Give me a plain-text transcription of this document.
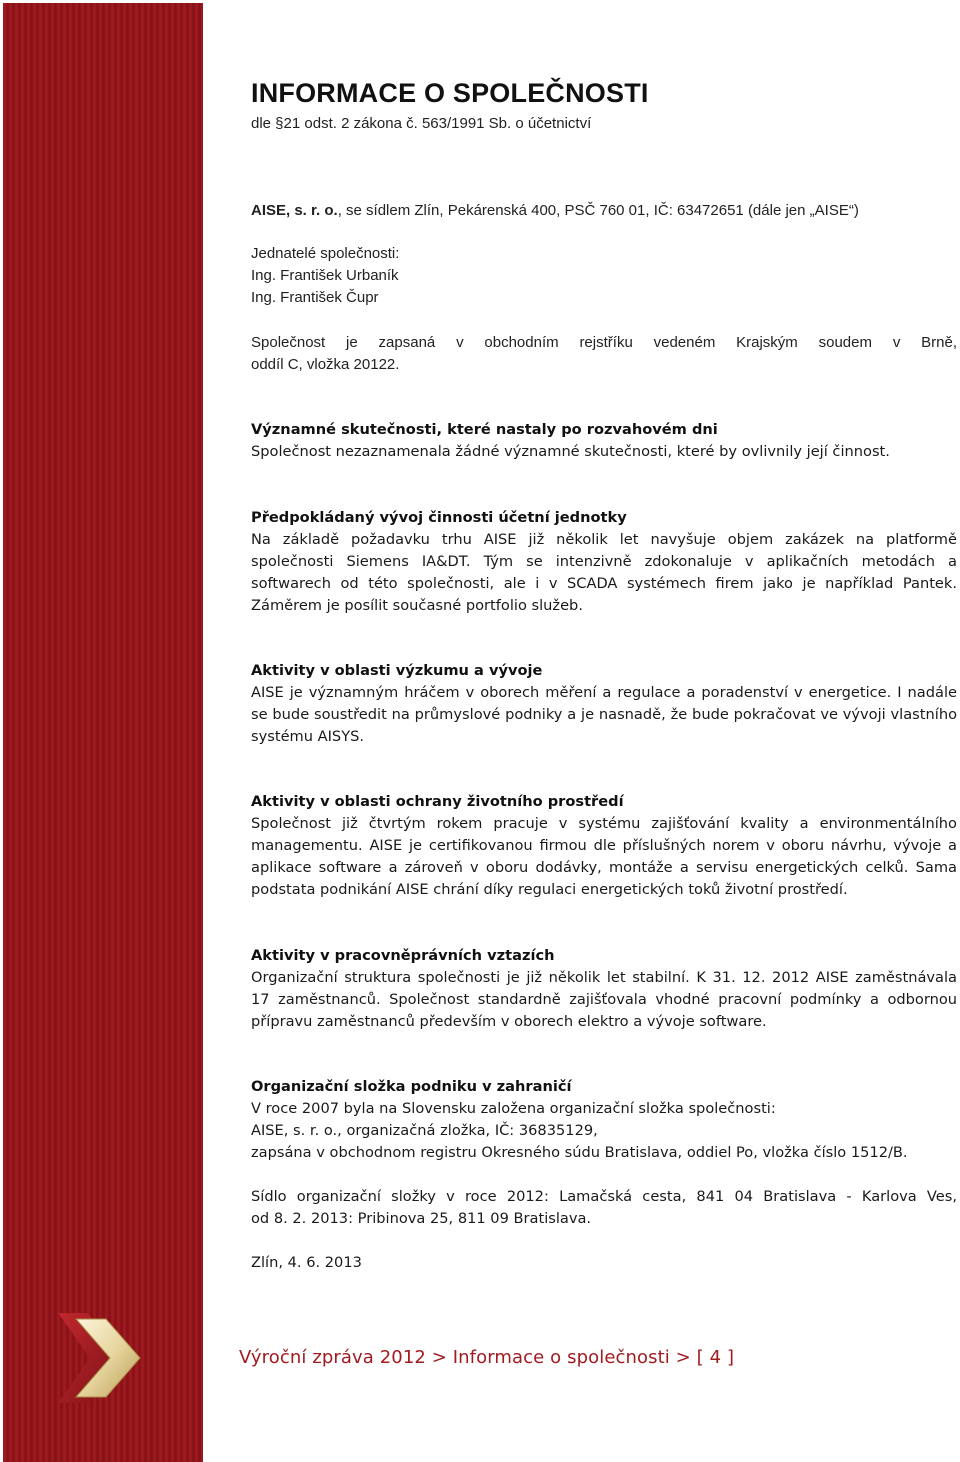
INFORMACE O SPOLEČNOSTI
dle §21 odst. 2 zákona č. 563/1991 Sb. o účetnictví
AISE, s. r. o., se sídlem Zlín, Pekárenská 400, PSČ 760 01, IČ: 63472651 (dále jen „AISE“)
Jednatelé společnosti:
Ing. František Urbaník
Ing. František Čupr
Společnost je zapsaná v obchodním rejstříku vedeném Krajským soudem v Brně,
oddíl C, vložka 20122.
Významné skutečnosti, které nastaly po rozvahovém dni
Společnost nezaznamenala žádné významné skutečnosti, které by ovlivnily její činnost.
Předpokládaný vývoj činnosti účetní jednotky
Na základě požadavku trhu AISE již několik let navyšuje objem zakázek na platformě
společnosti Siemens IA&DT. Tým se intenzivně zdokonaluje v aplikačních metodách a
softwarech od této společnosti, ale i v SCADA systémech firem jako je například Pantek.
Záměrem je posílit současné portfolio služeb.
Aktivity v oblasti výzkumu a vývoje
AISE je významným hráčem v oborech měření a regulace a poradenství v energetice. I nadále
se bude soustředit na průmyslové podniky a je nasnadě, že bude pokračovat ve vývoji vlastního
systému AISYS.
Aktivity v oblasti ochrany životního prostředí
Společnost již čtvrtým rokem pracuje v systému zajišťování kvality a environmentálního
managementu. AISE je certifikovanou firmou dle příslušných norem v oboru návrhu, vývoje a
aplikace software a zároveň v oboru dodávky, montáže a servisu energetických celků. Sama
podstata podnikání AISE chrání díky regulaci energetických toků životní prostředí.
Aktivity v pracovněprávních vztazích
Organizační struktura společnosti je již několik let stabilní. K 31. 12. 2012 AISE zaměstnávala
17 zaměstnanců. Společnost standardně zajišťovala vhodné pracovní podmínky a odbornou
přípravu zaměstnanců především v oborech elektro a vývoje software.
Organizační složka podniku v zahraničí
V roce 2007 byla na Slovensku založena organizační složka společnosti:
AISE, s. r. o., organizačná zložka, IČ: 36835129,
zapsána v obchodnom registru Okresného súdu Bratislava, oddiel Po, vložka číslo 1512/B.
Sídlo organizační složky v roce 2012: Lamačská cesta, 841 04 Bratislava - Karlova Ves,
od 8. 2. 2013: Pribinova 25, 811 09 Bratislava.
Zlín, 4. 6. 2013
Výroční zpráva 2012 > Informace o společnosti > [ 4 ]
